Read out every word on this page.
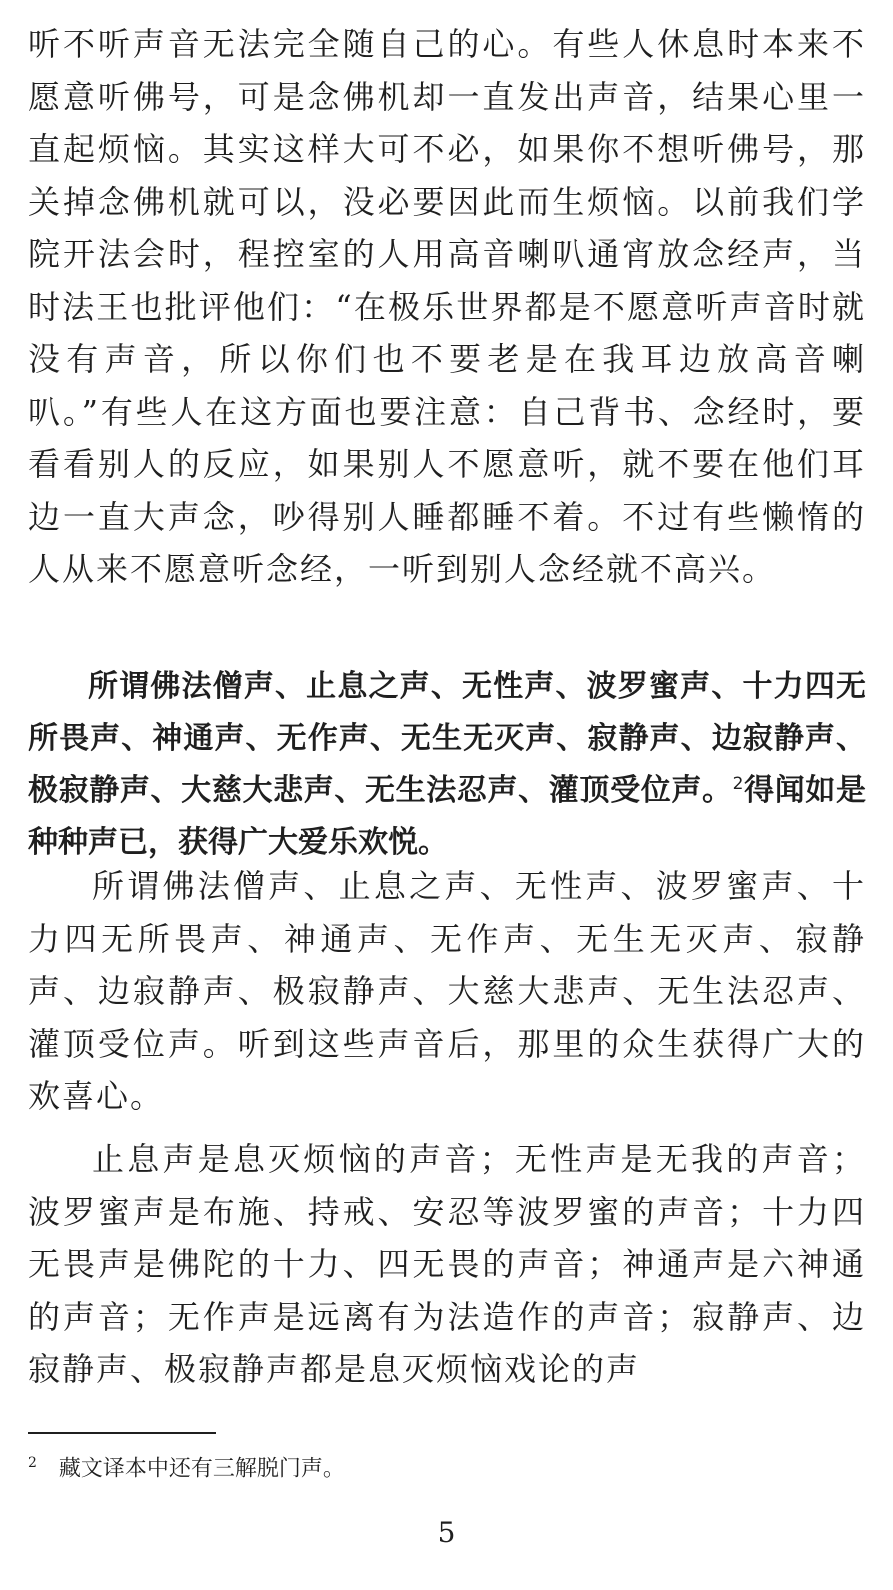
听不听声音无法完全随自己的心。有些人休息时本来不愿意听佛号，可是念佛机却一直发出声音，结果心里一直起烦恼。其实这样大可不必，如果你不想听佛号，那关掉念佛机就可以，没必要因此而生烦恼。以前我们学院开法会时，程控室的人用高音喇叭通宵放念经声，当时法王也批评他们：“在极乐世界都是不愿意听声音时就没有声音，所以你们也不要老是在我耳边放高音喇叭。”有些人在这方面也要注意：自己背书、念经时，要看看别人的反应，如果别人不愿意听，就不要在他们耳边一直大声念，吵得别人睡都睡不着。不过有些懒惰的人从来不愿意听念经，一听到别人念经就不高兴。

所谓佛法僧声、止息之声、无性声、波罗蜜声、十力四无所畏声、神通声、无作声、无生无灭声、寂静声、边寂静声、极寂静声、大慈大悲声、无生法忍声、灌顶受位声。$^2$得闻如是种种声已，获得广大爱乐欢悦。

所谓佛法僧声、止息之声、无性声、波罗蜜声、十力四无所畏声、神通声、无作声、无生无灭声、寂静声、边寂静声、极寂静声、大慈大悲声、无生法忍声、灌顶受位声。听到这些声音后，那里的众生获得广大的欢喜心。

止息声是息灭烦恼的声音；无性声是无我的声音；波罗蜜声是布施、持戒、安忍等波罗蜜的声音；十力四无畏声是佛陀的十力、四无畏的声音；神通声是六神通的声音；无作声是远离有为法造作的声音；寂静声、边寂静声、极寂静声都是息灭烦恼戏论的声

$^2$ 藏文译本中还有三解脱门声。
5
